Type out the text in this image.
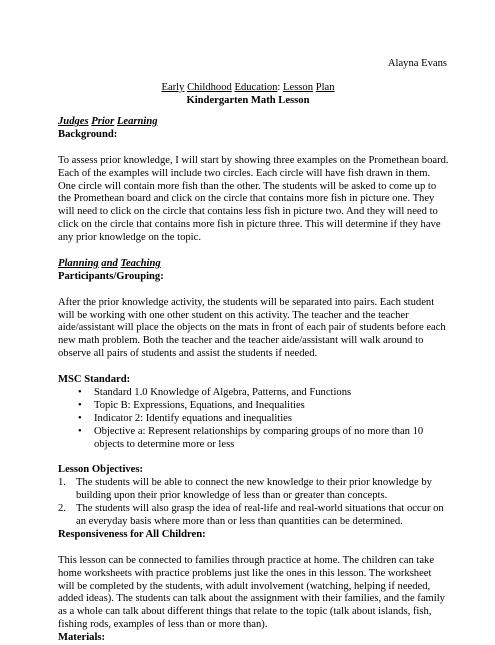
Alayna Evans

Early Childhood Education: Lesson Plan

Kindergarten Math Lesson

Judges Prior Learning

Background:

To assess prior knowledge, I will start by showing three examples on the Promethean board. Each of the examples will include two circles. Each circle will have fish drawn in them. One circle will contain more fish than the other. The students will be asked to come up to the Promethean board and click on the circle that contains more fish in picture one. They will need to click on the circle that contains less fish in picture two. And they will need to click on the circle that contains more fish in picture three. This will determine if they have any prior knowledge on the topic.

Planning and Teaching

Participants/Grouping:

After the prior knowledge activity, the students will be separated into pairs. Each student will be working with one other student on this activity. The teacher and the teacher aide/assistant will place the objects on the mats in front of each pair of students before each new math problem. Both the teacher and the teacher aide/assistant will walk around to observe all pairs of students and assist the students if needed.

MSC Standard:

• Standard 1.0 Knowledge of Algebra, Patterns, and Functions
• Topic B: Expressions, Equations, and Inequalities
• Indicator 2: Identify equations and inequalities
• Objective a: Represent relationships by comparing groups of no more than 10 objects to determine more or less

Lesson Objectives:

1. The students will be able to connect the new knowledge to their prior knowledge by building upon their prior knowledge of less than or greater than concepts.
2. The students will also grasp the idea of real-life and real-world situations that occur on an everyday basis where more than or less than quantities can be determined.

Responsiveness for All Children:

This lesson can be connected to families through practice at home. The children can take home worksheets with practice problems just like the ones in this lesson. The worksheet will be completed by the students, with adult involvement (watching, helping if needed, added ideas). The students can talk about the assignment with their families, and the family as a whole can talk about different things that relate to the topic (talk about islands, fish, fishing rods, examples of less than or more than).

Materials:
